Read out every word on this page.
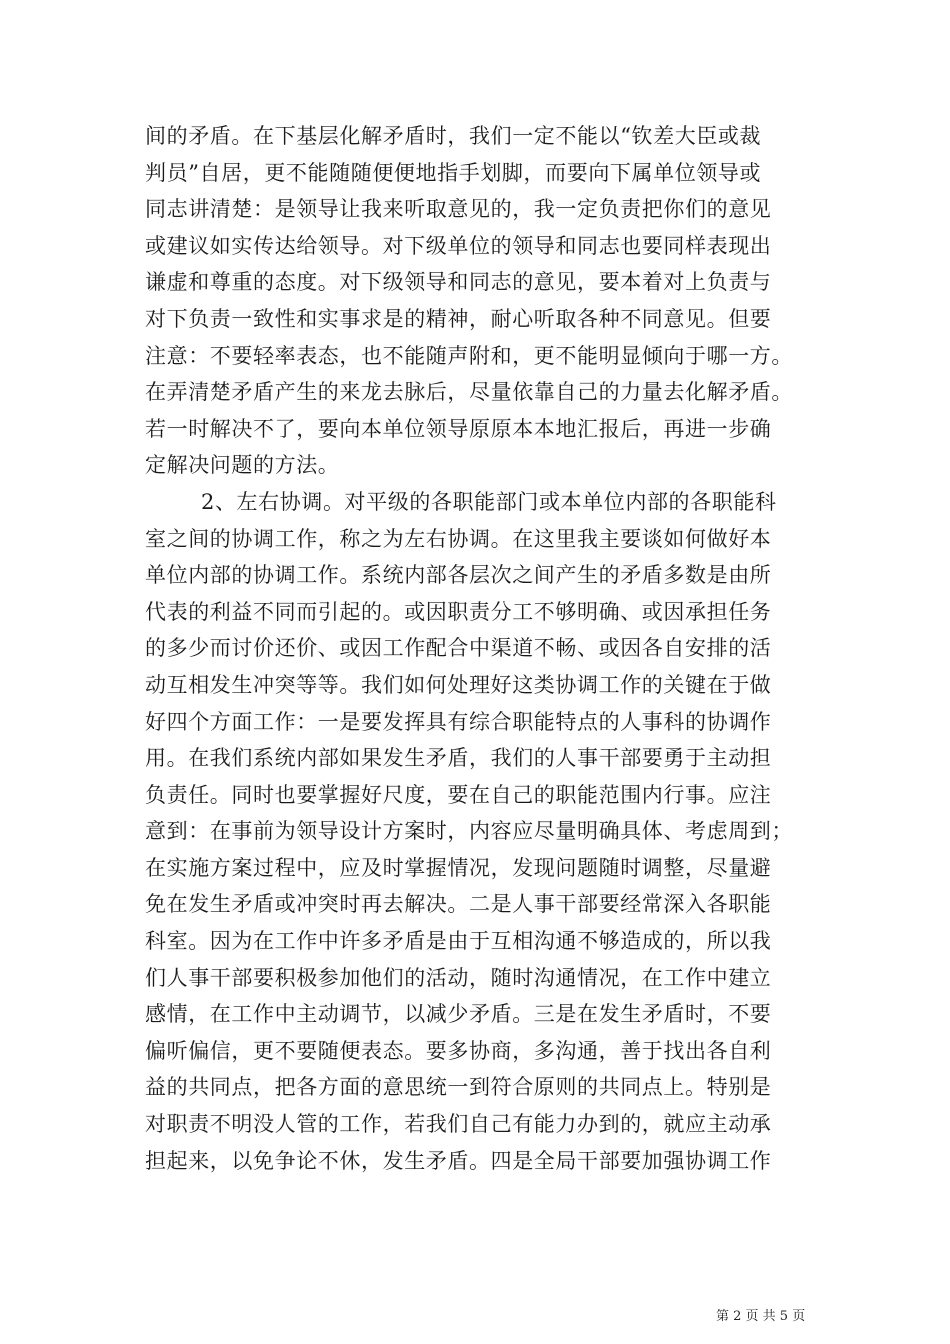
间的矛盾。在下基层化解矛盾时，我们一定不能以“钦差大臣或裁
判员”自居，更不能随随便便地指手划脚，而要向下属单位领导或
同志讲清楚：是领导让我来听取意见的，我一定负责把你们的意见
或建议如实传达给领导。对下级单位的领导和同志也要同样表现出
谦虚和尊重的态度。对下级领导和同志的意见，要本着对上负责与
对下负责一致性和实事求是的精神，耐心听取各种不同意见。但要
注意：不要轻率表态，也不能随声附和，更不能明显倾向于哪一方。
在弄清楚矛盾产生的来龙去脉后，尽量依靠自己的力量去化解矛盾。
若一时解决不了，要向本单位领导原原本本地汇报后，再进一步确
定解决问题的方法。
2、左右协调。对平级的各职能部门或本单位内部的各职能科
室之间的协调工作，称之为左右协调。在这里我主要谈如何做好本
单位内部的协调工作。系统内部各层次之间产生的矛盾多数是由所
代表的利益不同而引起的。或因职责分工不够明确、或因承担任务
的多少而讨价还价、或因工作配合中渠道不畅、或因各自安排的活
动互相发生冲突等等。我们如何处理好这类协调工作的关键在于做
好四个方面工作：一是要发挥具有综合职能特点的人事科的协调作
用。在我们系统内部如果发生矛盾，我们的人事干部要勇于主动担
负责任。同时也要掌握好尺度，要在自己的职能范围内行事。应注
意到：在事前为领导设计方案时，内容应尽量明确具体、考虑周到；
在实施方案过程中，应及时掌握情况，发现问题随时调整，尽量避
免在发生矛盾或冲突时再去解决。二是人事干部要经常深入各职能
科室。因为在工作中许多矛盾是由于互相沟通不够造成的，所以我
们人事干部要积极参加他们的活动，随时沟通情况，在工作中建立
感情，在工作中主动调节，以减少矛盾。三是在发生矛盾时，不要
偏听偏信，更不要随便表态。要多协商，多沟通，善于找出各自利
益的共同点，把各方面的意思统一到符合原则的共同点上。特别是
对职责不明没人管的工作，若我们自己有能力办到的，就应主动承
担起来，以免争论不休，发生矛盾。四是全局干部要加强协调工作
第 2 页 共 5 页
